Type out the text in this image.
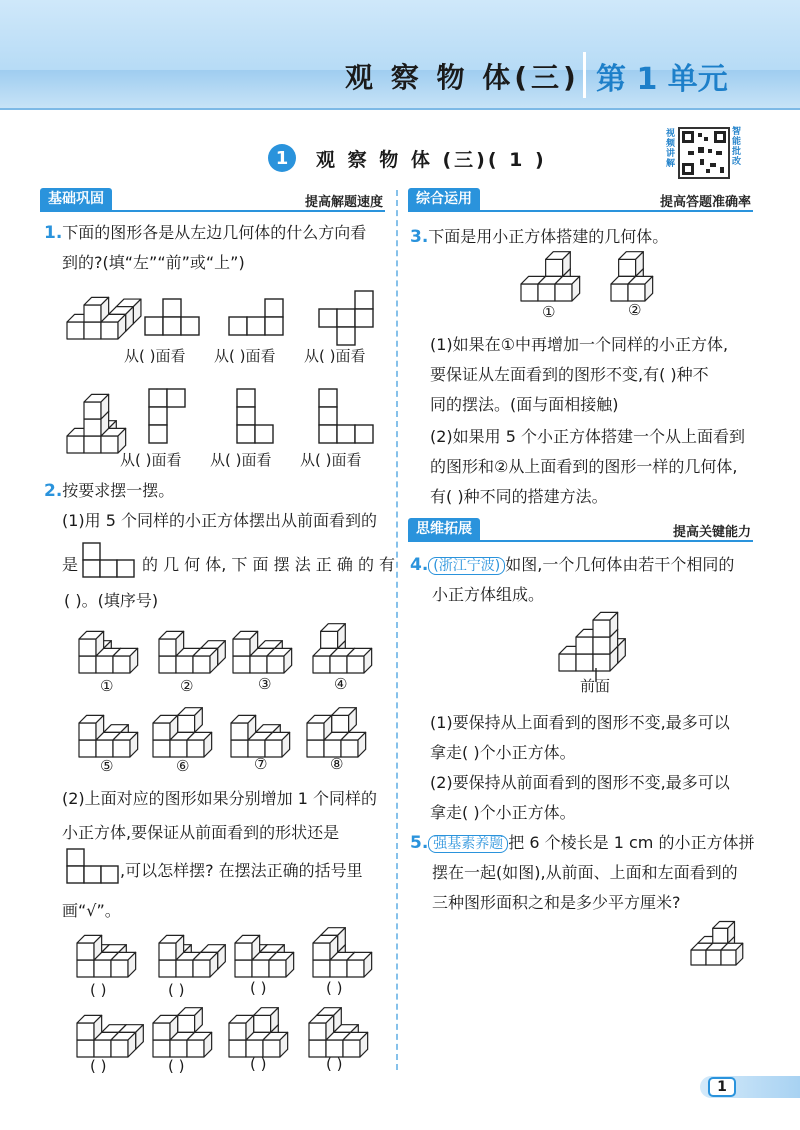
观 察 物 体(三) 第 1 单元
1	观 察 物 体 (三)( 1 )
视频讲解
智能批改
基础巩固	提高解题速度
1.下面的图形各是从左边几何体的什么方向看
到的?(填“左”“前”或“上”)
从( )面看 从( )面看 从( )面看
从( )面看 从( )面看 从( )面看
2.按要求摆一摆。
(1)用 5 个同样的小正方体摆出从前面看到的
是	的 几 何 体, 下 面 摆 法 正 确 的 有
( )。(填序号)
①	②	③	④
⑤	⑥	⑦	⑧
(2)上面对应的图形如果分别增加 1 个同样的
小正方体,要保证从前面看到的形状还是
,可以怎样摆? 在摆法正确的括号里
画“√”。
( )	( )	( )	( )
( )	( )	( )	( )
综合运用	提高答题准确率
3.下面是用小正方体搭建的几何体。
①	②
(1)如果在①中再增加一个同样的小正方体,
要保证从左面看到的图形不变,有( )种不
同的摆法。(面与面相接触)
(2)如果用 5 个小正方体搭建一个从上面看到
的图形和②从上面看到的图形一样的几何体,
有( )种不同的搭建方法。
思维拓展	提高关键能力
4. (浙江宁波) 如图,一个几何体由若干个相同的
小正方体组成。
前面
(1)要保持从上面看到的图形不变,最多可以
拿走( )个小正方体。
(2)要保持从前面看到的图形不变,最多可以
拿走( )个小正方体。
5. 强基素养题 把 6 个棱长是 1 cm 的小正方体拼
摆在一起(如图),从前面、上面和左面看到的
三种图形面积之和是多少平方厘米?
1
